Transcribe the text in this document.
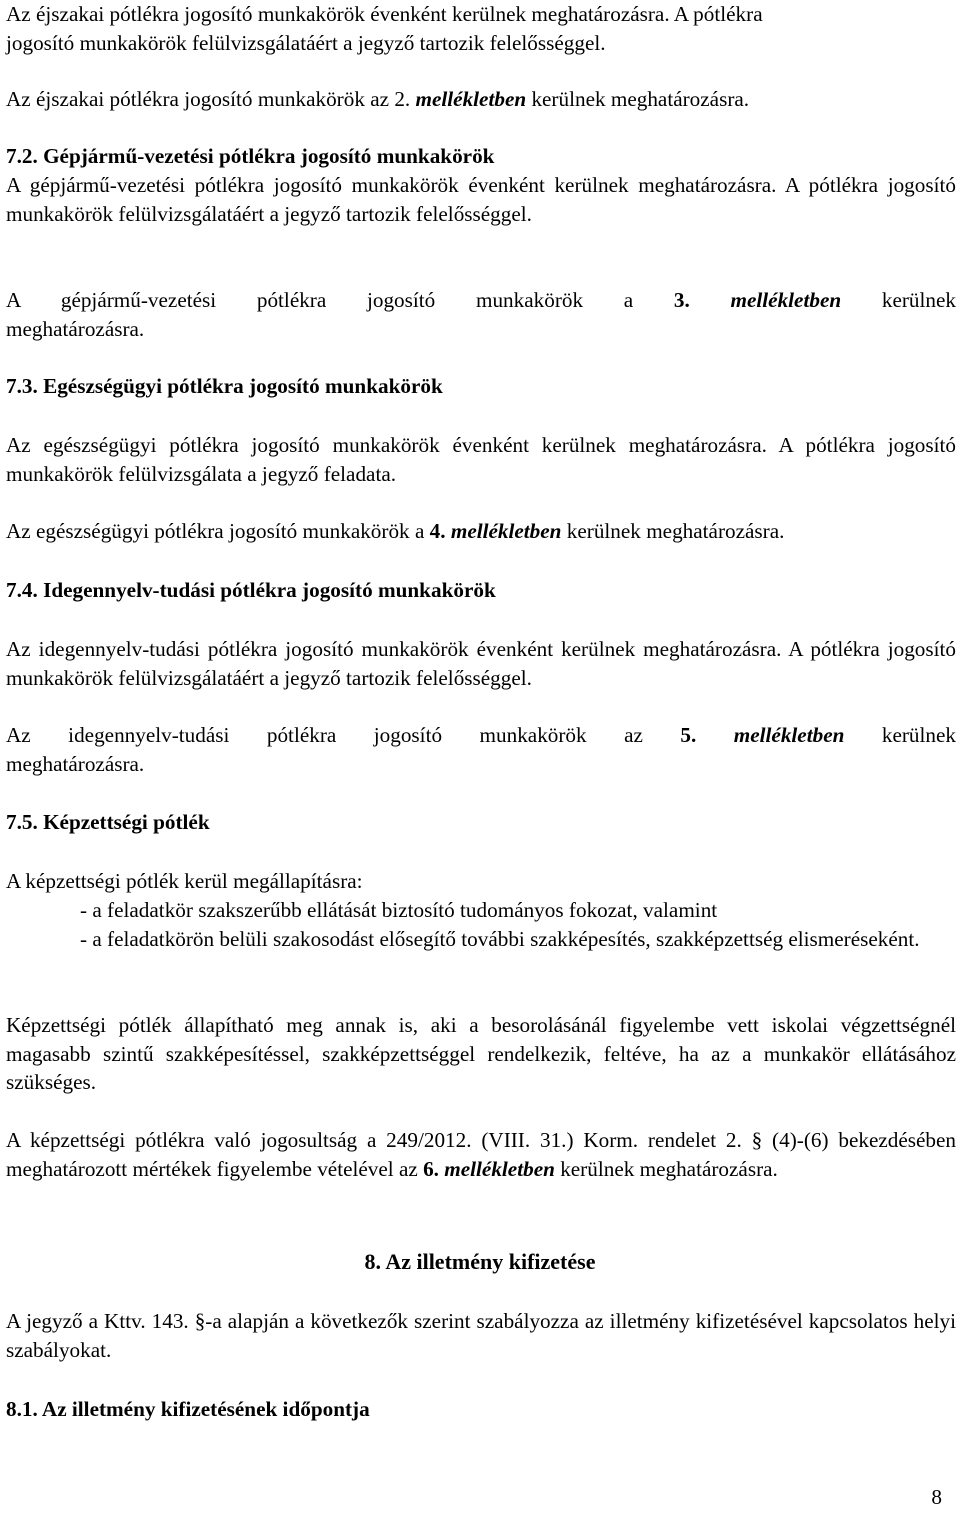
Az éjszakai pótlékra jogosító munkakörök évenként kerülnek meghatározásra. A pótlékra
jogosító munkakörök felülvizsgálatáért a jegyző tartozik felelősséggel.

Az éjszakai pótlékra jogosító munkakörök az 2. mellékletben kerülnek meghatározásra.

7.2. Gépjármű-vezetési pótlékra jogosító munkakörök

A gépjármű-vezetési pótlékra jogosító munkakörök évenként kerülnek meghatározásra. A pótlékra jogosító munkakörök felülvizsgálatáért a jegyző tartozik felelősséggel.

A gépjármű-vezetési pótlékra jogosító munkakörök a 3. mellékletben kerülnek
meghatározásra.

7.3. Egészségügyi pótlékra jogosító munkakörök

Az egészségügyi pótlékra jogosító munkakörök évenként kerülnek meghatározásra. A pótlékra jogosító munkakörök felülvizsgálata a jegyző feladata.

Az egészségügyi pótlékra jogosító munkakörök a 4. mellékletben kerülnek meghatározásra.

7.4. Idegennyelv-tudási pótlékra jogosító munkakörök

Az idegennyelv-tudási pótlékra jogosító munkakörök évenként kerülnek meghatározásra. A pótlékra jogosító munkakörök felülvizsgálatáért a jegyző tartozik felelősséggel.

Az idegennyelv-tudási pótlékra jogosító munkakörök az 5. mellékletben kerülnek
meghatározásra.

7.5. Képzettségi pótlék

A képzettségi pótlék kerül megállapításra:

- a feladatkör szakszerűbb ellátását biztosító tudományos fokozat, valamint
- a feladatkörön belüli szakosodást elősegítő további szakképesítés, szakképzettség elismeréseként.

Képzettségi pótlék állapítható meg annak is, aki a besorolásánál figyelembe vett iskolai végzettségnél magasabb szintű szakképesítéssel, szakképzettséggel rendelkezik, feltéve, ha az a munkakör ellátásához szükséges.

A képzettségi pótlékra való jogosultság a 249/2012. (VIII. 31.) Korm. rendelet 2. § (4)-(6) bekezdésében meghatározott mértékek figyelembe vételével az 6. mellékletben kerülnek meghatározásra.

8. Az illetmény kifizetése

A jegyző a Kttv. 143. §-a alapján a következők szerint szabályozza az illetmény kifizetésével kapcsolatos helyi szabályokat.

8.1. Az illetmény kifizetésének időpontja
8
